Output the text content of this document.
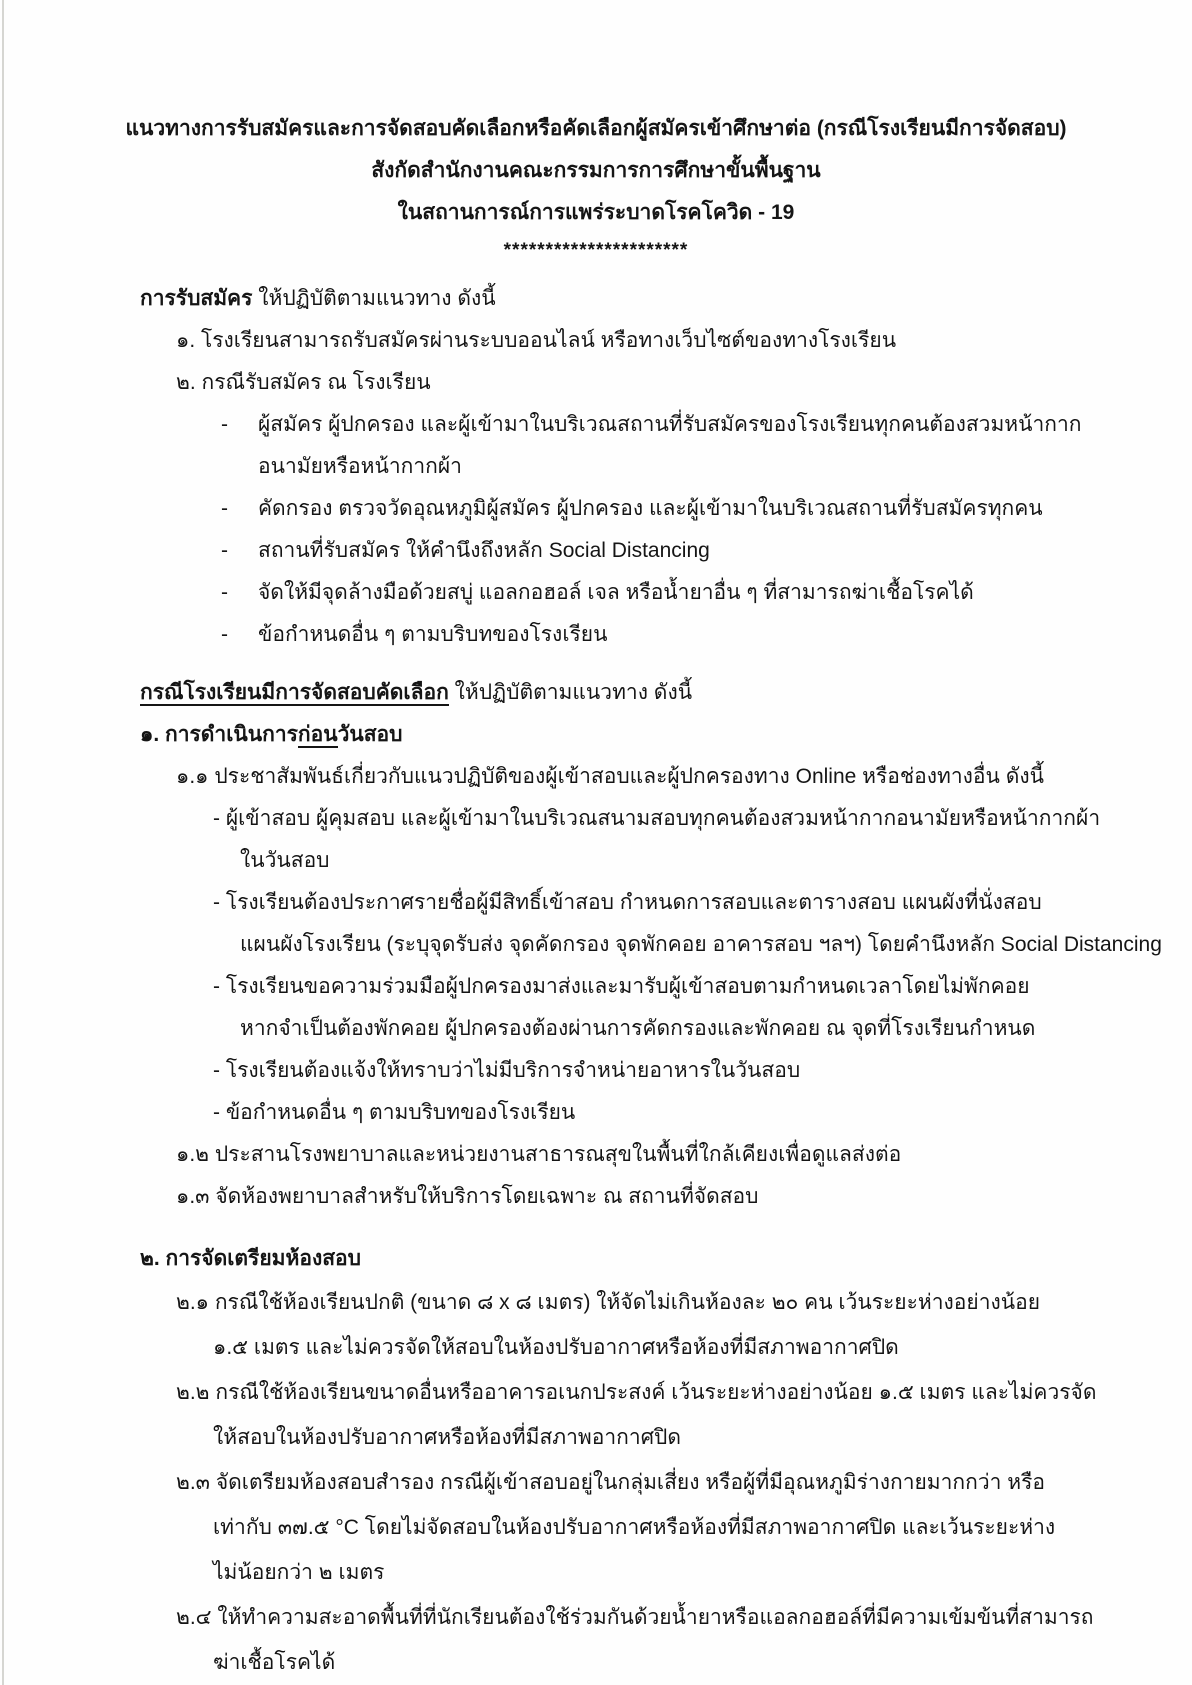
แนวทางการรับสมัครและการจัดสอบคัดเลือกหรือคัดเลือกผู้สมัครเข้าศึกษาต่อ (กรณีโรงเรียนมีการจัดสอบ)
สังกัดสำนักงานคณะกรรมการการศึกษาขั้นพื้นฐาน
ในสถานการณ์การแพร่ระบาดโรคโควิด - 19
**********************
การรับสมัคร ให้ปฏิบัติตามแนวทาง ดังนี้
๑. โรงเรียนสามารถรับสมัครผ่านระบบออนไลน์ หรือทางเว็บไซต์ของทางโรงเรียน
๒. กรณีรับสมัคร ณ โรงเรียน
-	ผู้สมัคร ผู้ปกครอง และผู้เข้ามาในบริเวณสถานที่รับสมัครของโรงเรียนทุกคนต้องสวมหน้ากาก
อนามัยหรือหน้ากากผ้า
-	คัดกรอง ตรวจวัดอุณหภูมิผู้สมัคร ผู้ปกครอง และผู้เข้ามาในบริเวณสถานที่รับสมัครทุกคน
-	สถานที่รับสมัคร ให้คำนึงถึงหลัก Social Distancing
-	จัดให้มีจุดล้างมือด้วยสบู่ แอลกอฮอล์ เจล หรือน้ำยาอื่น ๆ ที่สามารถฆ่าเชื้อโรคได้
-	ข้อกำหนดอื่น ๆ ตามบริบทของโรงเรียน
กรณีโรงเรียนมีการจัดสอบคัดเลือก ให้ปฏิบัติตามแนวทาง ดังนี้
๑. การดำเนินการก่อนวันสอบ
๑.๑ ประชาสัมพันธ์เกี่ยวกับแนวปฏิบัติของผู้เข้าสอบและผู้ปกครองทาง Online หรือช่องทางอื่น ดังนี้
- ผู้เข้าสอบ ผู้คุมสอบ และผู้เข้ามาในบริเวณสนามสอบทุกคนต้องสวมหน้ากากอนามัยหรือหน้ากากผ้า
ในวันสอบ
- โรงเรียนต้องประกาศรายชื่อผู้มีสิทธิ์เข้าสอบ กำหนดการสอบและตารางสอบ แผนผังที่นั่งสอบ
แผนผังโรงเรียน (ระบุจุดรับส่ง จุดคัดกรอง จุดพักคอย อาคารสอบ ฯลฯ) โดยคำนึงหลัก Social Distancing
- โรงเรียนขอความร่วมมือผู้ปกครองมาส่งและมารับผู้เข้าสอบตามกำหนดเวลาโดยไม่พักคอย
หากจำเป็นต้องพักคอย ผู้ปกครองต้องผ่านการคัดกรองและพักคอย ณ จุดที่โรงเรียนกำหนด
- โรงเรียนต้องแจ้งให้ทราบว่าไม่มีบริการจำหน่ายอาหารในวันสอบ
- ข้อกำหนดอื่น ๆ ตามบริบทของโรงเรียน
๑.๒ ประสานโรงพยาบาลและหน่วยงานสาธารณสุขในพื้นที่ใกล้เคียงเพื่อดูแลส่งต่อ
๑.๓ จัดห้องพยาบาลสำหรับให้บริการโดยเฉพาะ ณ สถานที่จัดสอบ
๒. การจัดเตรียมห้องสอบ
๒.๑ กรณีใช้ห้องเรียนปกติ (ขนาด ๘ x ๘ เมตร) ให้จัดไม่เกินห้องละ ๒๐ คน เว้นระยะห่างอย่างน้อย
๑.๕ เมตร และไม่ควรจัดให้สอบในห้องปรับอากาศหรือห้องที่มีสภาพอากาศปิด
๒.๒ กรณีใช้ห้องเรียนขนาดอื่นหรืออาคารอเนกประสงค์ เว้นระยะห่างอย่างน้อย ๑.๕ เมตร และไม่ควรจัด
ให้สอบในห้องปรับอากาศหรือห้องที่มีสภาพอากาศปิด
๒.๓ จัดเตรียมห้องสอบสำรอง กรณีผู้เข้าสอบอยู่ในกลุ่มเสี่ยง หรือผู้ที่มีอุณหภูมิร่างกายมากกว่า หรือ
เท่ากับ ๓๗.๕ °C โดยไม่จัดสอบในห้องปรับอากาศหรือห้องที่มีสภาพอากาศปิด และเว้นระยะห่าง
ไม่น้อยกว่า ๒ เมตร
๒.๔ ให้ทำความสะอาดพื้นที่ที่นักเรียนต้องใช้ร่วมกันด้วยน้ำยาหรือแอลกอฮอล์ที่มีความเข้มข้นที่สามารถ
ฆ่าเชื้อโรคได้
